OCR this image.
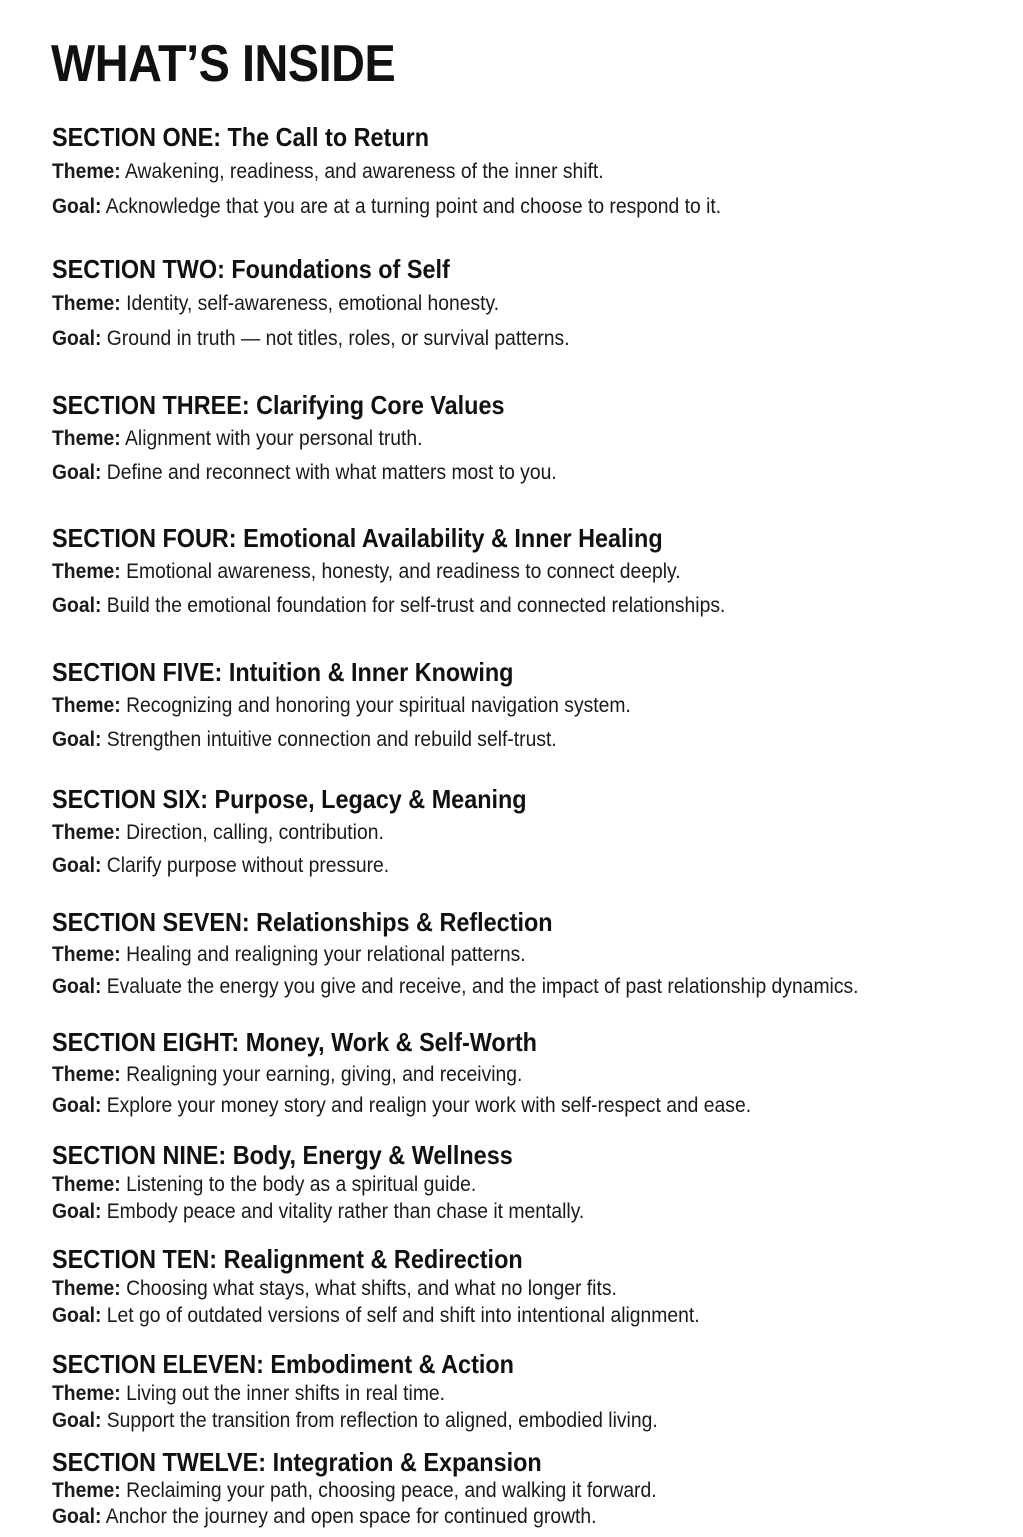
WHAT’S INSIDE
SECTION ONE: The Call to Return
Theme: Awakening, readiness, and awareness of the inner shift.
Goal: Acknowledge that you are at a turning point and choose to respond to it.
SECTION TWO: Foundations of Self
Theme: Identity, self-awareness, emotional honesty.
Goal: Ground in truth — not titles, roles, or survival patterns.
SECTION THREE: Clarifying Core Values
Theme: Alignment with your personal truth.
Goal: Define and reconnect with what matters most to you.
SECTION FOUR: Emotional Availability & Inner Healing
Theme: Emotional awareness, honesty, and readiness to connect deeply.
Goal: Build the emotional foundation for self-trust and connected relationships.
SECTION FIVE: Intuition & Inner Knowing
Theme: Recognizing and honoring your spiritual navigation system.
Goal: Strengthen intuitive connection and rebuild self-trust.
SECTION SIX: Purpose, Legacy & Meaning
Theme: Direction, calling, contribution.
Goal: Clarify purpose without pressure.
SECTION SEVEN: Relationships & Reflection
Theme: Healing and realigning your relational patterns.
Goal: Evaluate the energy you give and receive, and the impact of past relationship dynamics.
SECTION EIGHT: Money, Work & Self-Worth
Theme: Realigning your earning, giving, and receiving.
Goal: Explore your money story and realign your work with self-respect and ease.
SECTION NINE: Body, Energy & Wellness
Theme: Listening to the body as a spiritual guide.
Goal: Embody peace and vitality rather than chase it mentally.
SECTION TEN: Realignment & Redirection
Theme: Choosing what stays, what shifts, and what no longer fits.
Goal: Let go of outdated versions of self and shift into intentional alignment.
SECTION ELEVEN: Embodiment & Action
Theme: Living out the inner shifts in real time.
Goal: Support the transition from reflection to aligned, embodied living.
SECTION TWELVE: Integration & Expansion
Theme: Reclaiming your path, choosing peace, and walking it forward.
Goal: Anchor the journey and open space for continued growth.
